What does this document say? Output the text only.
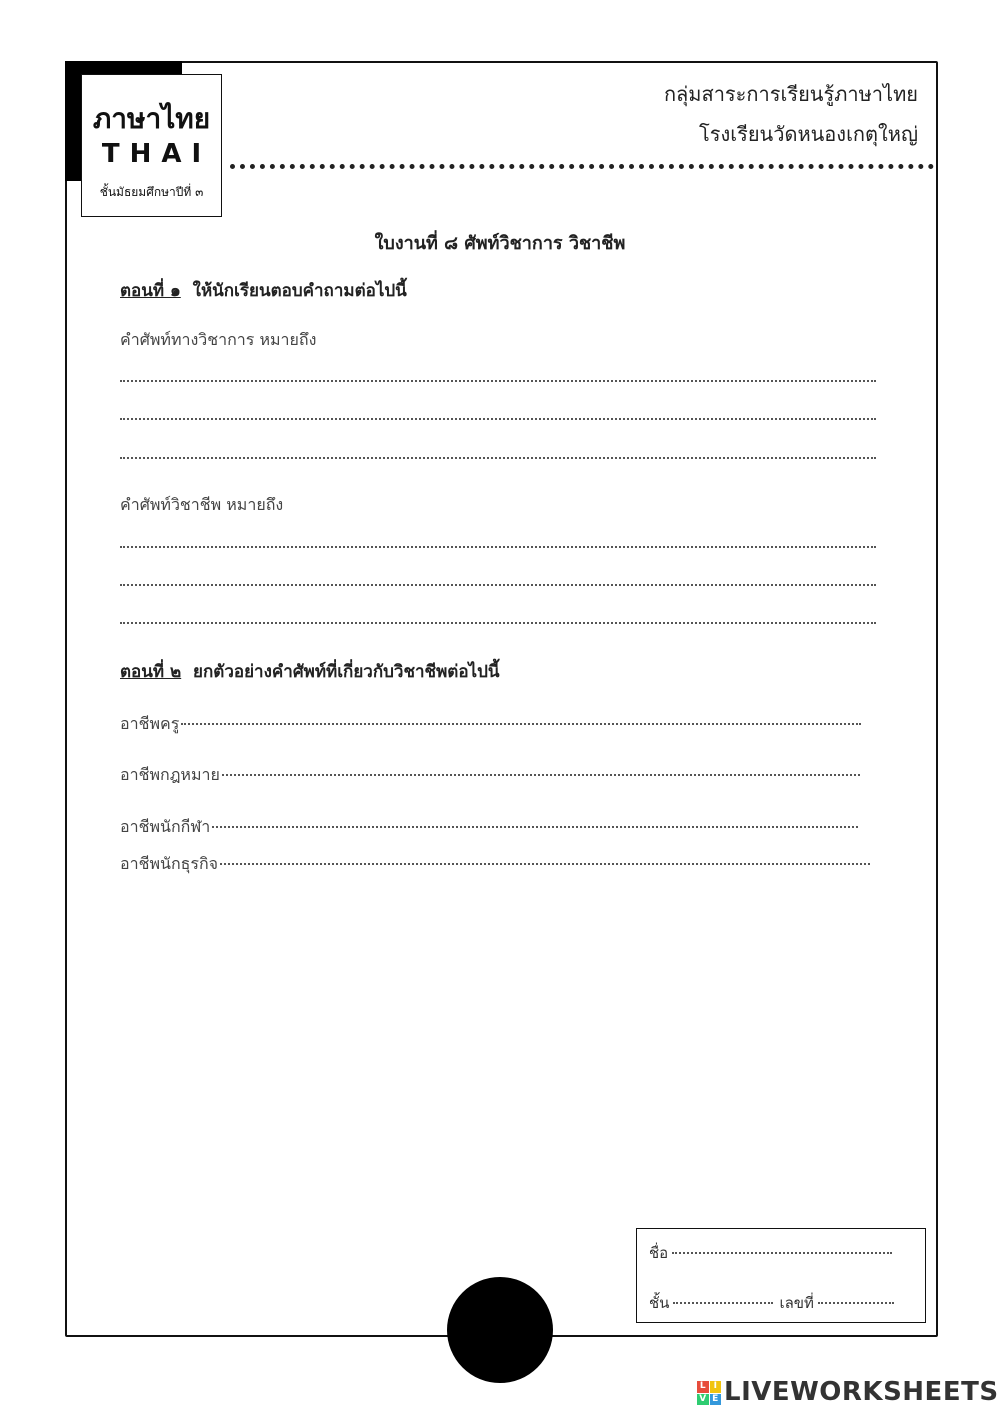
ภาษาไทย
THAI
ชั้นมัธยมศึกษาปีที่ ๓
กลุ่มสาระการเรียนรู้ภาษาไทย
โรงเรียนวัดหนองเกตุใหญ่
ใบงานที่ ๘ ศัพท์วิชาการ วิชาชีพ
ตอนที่ ๑ ให้นักเรียนตอบคำถามต่อไปนี้
คำศัพท์ทางวิชาการ หมายถึง
คำศัพท์วิชาชีพ หมายถึง
ตอนที่ ๒ ยกตัวอย่างคำศัพท์ที่เกี่ยวกับวิชาชีพต่อไปนี้
อาชีพครู
อาชีพกฎหมาย
อาชีพนักกีฬา
อาชีพนักธุรกิจ
ชื่อ
ชั้น	เลขที่
L I
V E LIVEWORKSHEETS
